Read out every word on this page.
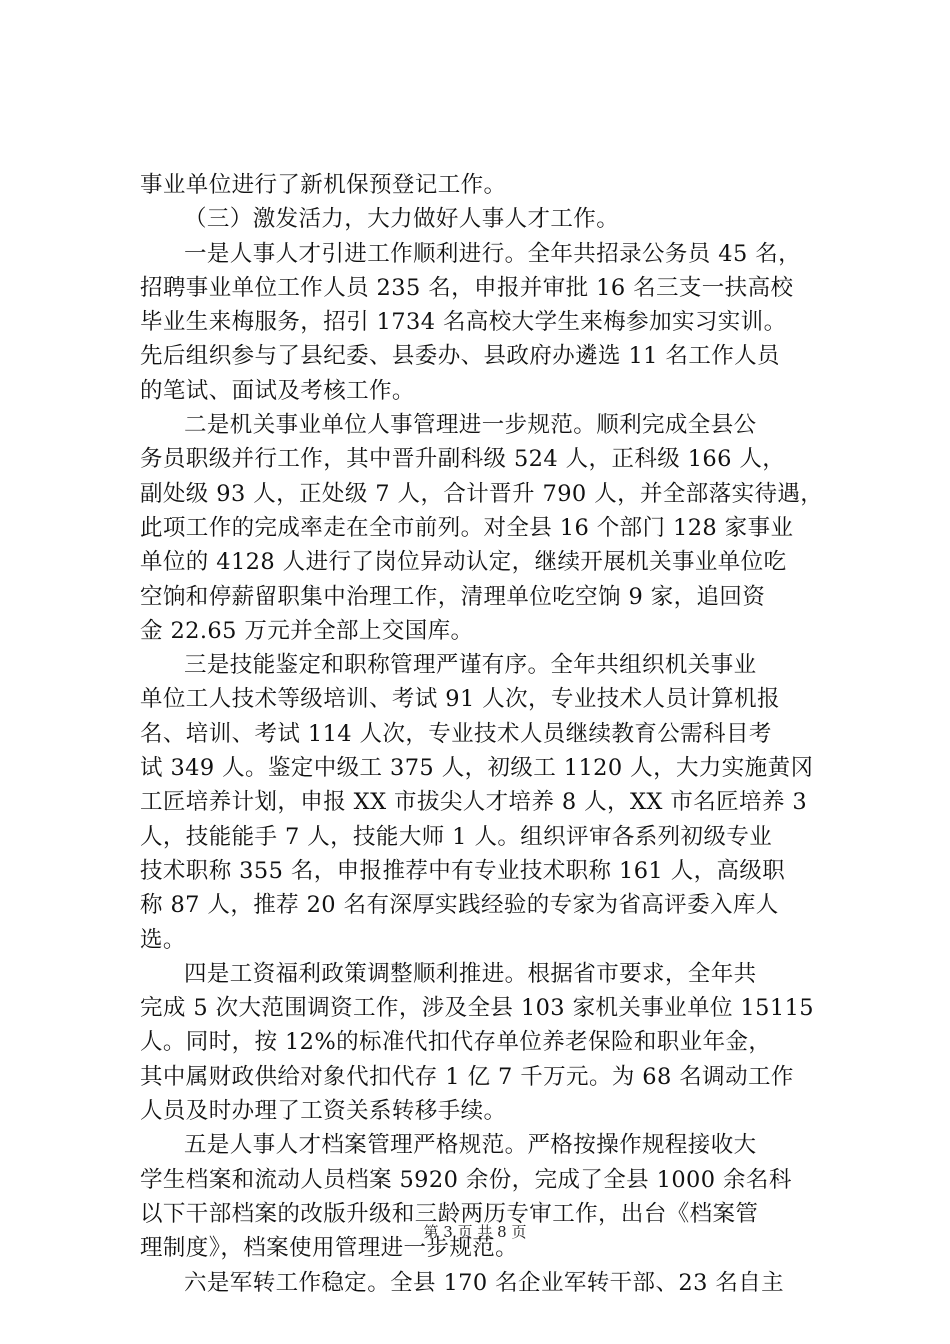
事业单位进行了新机保预登记工作。
（三）激发活力，大力做好人事人才工作。
一是人事人才引进工作顺利进行。全年共招录公务员 45 名，
招聘事业单位工作人员 235 名，申报并审批 16 名三支一扶高校
毕业生来梅服务，招引 1734 名高校大学生来梅参加实习实训。
先后组织参与了县纪委、县委办、县政府办遴选 11 名工作人员
的笔试、面试及考核工作。
二是机关事业单位人事管理进一步规范。顺利完成全县公
务员职级并行工作，其中晋升副科级 524 人，正科级 166 人，
副处级 93 人，正处级 7 人，合计晋升 790 人，并全部落实待遇，
此项工作的完成率走在全市前列。对全县 16 个部门 128 家事业
单位的 4128 人进行了岗位异动认定，继续开展机关事业单位吃
空饷和停薪留职集中治理工作，清理单位吃空饷 9 家，追回资
金 22.65 万元并全部上交国库。
三是技能鉴定和职称管理严谨有序。全年共组织机关事业
单位工人技术等级培训、考试 91 人次，专业技术人员计算机报
名、培训、考试 114 人次，专业技术人员继续教育公需科目考
试 349 人。鉴定中级工 375 人，初级工 1120 人，大力实施黄冈
工匠培养计划，申报 XX 市拔尖人才培养 8 人，XX 市名匠培养 3
人，技能能手 7 人，技能大师 1 人。组织评审各系列初级专业
技术职称 355 名，申报推荐中有专业技术职称 161 人，高级职
称 87 人，推荐 20 名有深厚实践经验的专家为省高评委入库人
选。
四是工资福利政策调整顺利推进。根据省市要求，全年共
完成 5 次大范围调资工作，涉及全县 103 家机关事业单位 15115
人。同时，按 12%的标准代扣代存单位养老保险和职业年金，
其中属财政供给对象代扣代存 1 亿 7 千万元。为 68 名调动工作
人员及时办理了工资关系转移手续。
五是人事人才档案管理严格规范。严格按操作规程接收大
学生档案和流动人员档案 5920 余份，完成了全县 1000 余名科
以下干部档案的改版升级和三龄两历专审工作，出台《档案管
理制度》，档案使用管理进一步规范。
六是军转工作稳定。全县 170 名企业军转干部、23 名自主
第 3 页 共 8 页
